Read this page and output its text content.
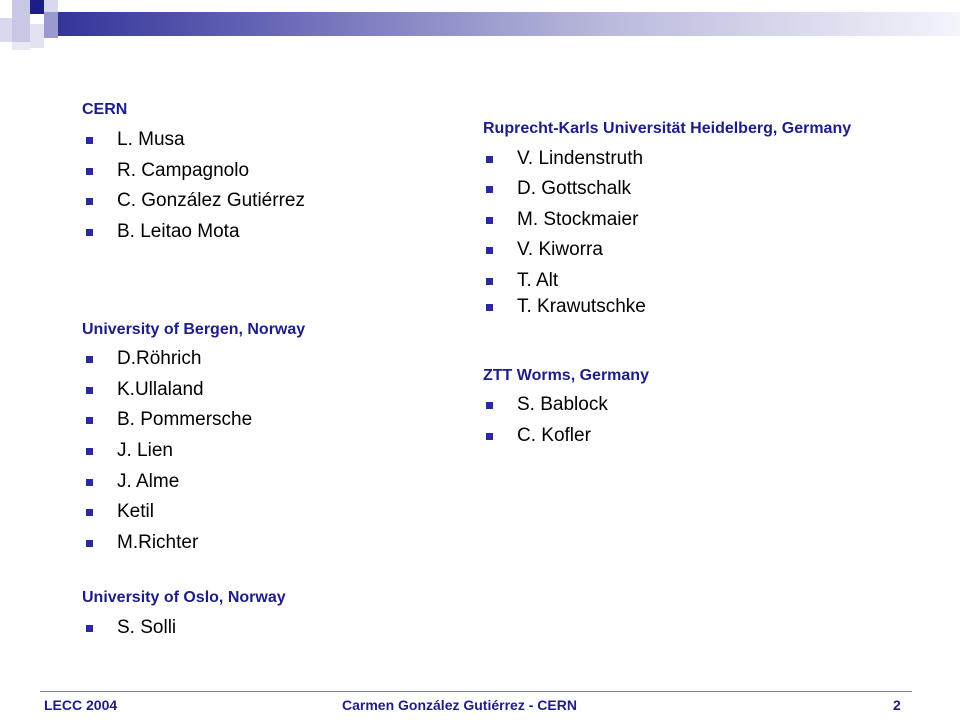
CERN
L. Musa
R. Campagnolo
C. González Gutiérrez
B. Leitao Mota
University of Bergen, Norway
D.Röhrich
K.Ullaland
B. Pommersche
J. Lien
J. Alme
Ketil
M.Richter
University of Oslo, Norway
S. Solli
Ruprecht-Karls Universität Heidelberg, Germany
V. Lindenstruth
D. Gottschalk
M. Stockmaier
V. Kiworra
T. Alt
T. Krawutschke
ZTT Worms, Germany
S. Bablock
C. Kofler
LECC 2004	Carmen González Gutiérrez - CERN	2
